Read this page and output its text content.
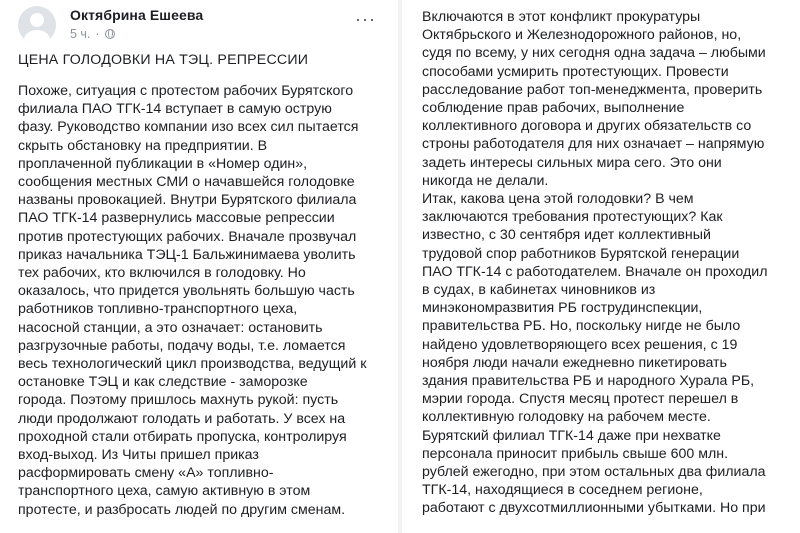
Октябрина Ешеева
5 ч. ·
···
ЦЕНА ГОЛОДОВКИ НА ТЭЦ. РЕПРЕССИИ
Похоже, ситуация с протестом рабочих Бурятского
филиала ПАО ТГК-14 вступает в самую острую
фазу. Руководство компании изо всех сил пытается
скрыть обстановку на предприятии. В
проплаченной публикации в «Номер один»,
сообщения местных СМИ о начавшейся голодовке
названы провокацией. Внутри Бурятского филиала
ПАО ТГК-14 развернулись массовые репрессии
против протестующих рабочих. Вначале прозвучал
приказ начальника ТЭЦ-1 Бальжинимаева уволить
тех рабочих, кто включился в голодовку. Но
оказалось, что придется увольнять большую часть
работников топливно-транспортного цеха,
насосной станции, а это означает: остановить
разгрузочные работы, подачу воды, т.е. ломается
весь технологический цикл производства, ведущий к
остановке ТЭЦ и как следствие - заморозке
города. Поэтому пришлось махнуть рукой: пусть
люди продолжают голодать и работать. У всех на
проходной стали отбирать пропуска, контролируя
вход-выход. Из Читы пришел приказ
расформировать смену «А» топливно-
транспортного цеха, самую активную в этом
протесте, и разбросать людей по другим сменам.
Включаются в этот конфликт прокуратуры
Октябрьского и Железнодорожного районов, но,
судя по всему, у них сегодня одна задача – любыми
способами усмирить протестующих. Провести
расследование работ топ-менеджмента, проверить
соблюдение прав рабочих, выполнение
коллективного договора и других обязательств со
строны работодателя для них означает – напрямую
задеть интересы сильных мира сего. Это они
никогда не делали.
Итак, какова цена этой голодовки? В чем
заключаются требования протестующих? Как
известно, с 30 сентября идет коллективный
трудовой спор работников Бурятской генерации
ПАО ТГК-14 с работодателем. Вначале он проходил
в судах, в кабинетах чиновников из
минэкономразвития РБ гострудинспекции,
правительства РБ. Но, поскольку нигде не было
найдено удовлетворяющего всех решения, с 19
ноября люди начали ежедневно пикетировать
здания правительства РБ и народного Хурала РБ,
мэрии города. Спустя месяц протест перешел в
коллективную голодовку на рабочем месте.
Бурятский филиал ТГК-14 даже при нехватке
персонала приносит прибыль свыше 600 млн.
рублей ежегодно, при этом остальных два филиала
ТГК-14, находящиеся в соседнем регионе,
работают с двухсотмиллионными убытками. Но при
